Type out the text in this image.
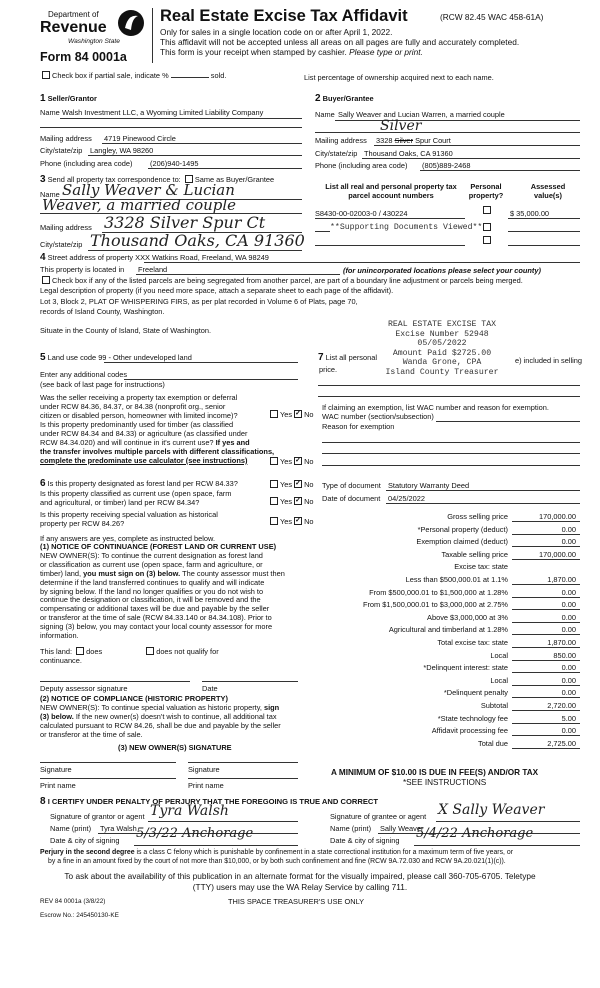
Department of
Revenue
Washington State
Form 84 0001a
Real Estate Excise Tax Affidavit	(RCW 82.45 WAC 458-61A)
Only for sales in a single location code on or after April 1, 2022.
This affidavit will not be accepted unless all areas on all pages are fully and accurately completed.
This form is your receipt when stamped by cashier. Please type or print.
Check box if partial sale, indicate %	sold.	List percentage of ownership acquired next to each name.
1 Seller/Grantor
Name Walsh Investment LLC, a Wyoming Limited Liability Company
Mailing address 4719 Pinewood Circle
City/state/zip Langley, WA 98260
Phone (including area code) (206)940-1495
2 Buyer/Grantee
Name Sally Weaver and Lucian Warren, a married couple
Silver
Mailing address 3328 Silver Spur Court
City/state/zip Thousand Oaks, CA 91360
Phone (including area code) (805)889-2468
3 Send all property tax correspondence to: Same as Buyer/Grantee
Name Sally Weaver & Lucian
Weaver, a married couple
Mailing address 3328 Silver Spur Ct
City/state/zip Thousand Oaks, CA 91360
List all real and personal property tax
parcel account numbers
Personal
property?
Assessed
value(s)
S8430-00-02003-0 / 430224	$ 35,000.00
**Supporting Documents Viewed**
4 Street address of property XXX Watkins Road, Freeland, WA 98249
This property is located in Freeland	(for unincorporated locations please select your county)
Check box if any of the listed parcels are being segregated from another parcel, are part of a boundary line adjustment or parcels being merged.
Legal description of property (if you need more space, attach a separate sheet to each page of the affidavit).
Lot 3, Block 2, PLAT OF WHISPERING FIRS, as per plat recorded in Volume 6 of Plats, page 70,
records of Island County, Washington.
Situate in the County of Island, State of Washington.
REAL ESTATE EXCISE TAX
Excise Number 52948
05/05/2022
Amount Paid $2725.00
Wanda Grone, CPA
Island County Treasurer
5 Land use code 99 - Other undeveloped land
Enter any additional codes
(see back of last page for instructions)
Was the seller receiving a property tax exemption or deferral
under RCW 84.36, 84.37, or 84.38 (nonprofit org., senior
citizen or disabled person, homeowner with limited income)?	Yes ✓ No
Is this property predominantly used for timber (as classified
under RCW 84.34 and 84.33) or agriculture (as classified under
RCW 84.34.020) and will continue in it's current use? If yes and
the transfer involves multiple parcels with different classifications,
complete the predominate use calculator (see instructions)	Yes ✓ No
7 List all personal
price.
e) included in selling
If claiming an exemption, list WAC number and reason for exemption.
WAC number (section/subsection)
Reason for exemption
6 Is this property designated as forest land per RCW 84.33?	Yes ✓ No
Is this property classified as current use (open space, farm
and agricultural, or timber) land per RCW 84.34?	Yes ✓ No
Is this property receiving special valuation as historical
property per RCW 84.26?	Yes ✓ No
Type of document Statutory Warranty Deed
Date of document 04/25/2022
If any answers are yes, complete as instructed below.
(1) NOTICE OF CONTINUANCE (FOREST LAND OR CURRENT USE)
NEW OWNER(S): To continue the current designation as forest land
or classification as current use (open space, farm and agriculture, or
timber) land, you must sign on (3) below. The county assessor must then
determine if the land transferred continues to qualify and will indicate
by signing below. If the land no longer qualifies or you do not wish to
continue the designation or classification, it will be removed and the
compensating or additional taxes will be due and payable by the seller
or transferor at the time of sale (RCW 84.33.140 or 84.34.108). Prior to
signing (3) below, you may contact your local county assessor for more
information.
This land: does	does not qualify for
continuance.
Deputy assessor signature	Date
(2) NOTICE OF COMPLIANCE (HISTORIC PROPERTY)
NEW OWNER(S): To continue special valuation as historic property, sign
(3) below. If the new owner(s) doesn't wish to continue, all additional tax
calculated pursuant to RCW 84.26, shall be due and payable by the seller
or transferor at the time of sale.
(3) NEW OWNER(S) SIGNATURE
Signature	Signature
Print name	Print name
Gross selling price	170,000.00
*Personal property (deduct)	0.00
Exemption claimed (deduct)	0.00
Taxable selling price	170,000.00
Excise tax: state
Less than $500,000.01 at 1.1%	1,870.00
From $500,000.01 to $1,500,000 at 1.28%	0.00
From $1,500,000.01 to $3,000,000 at 2.75%	0.00
Above $3,000,000 at 3%	0.00
Agricultural and timberland at 1.28%	0.00
Total excise tax: state	1,870.00
Local	850.00
*Delinquent interest: state	0.00
Local	0.00
*Delinquent penalty	0.00
Subtotal	2,720.00
*State technology fee	5.00
Affidavit processing fee	0.00
Total due	2,725.00
A MINIMUM OF $10.00 IS DUE IN FEE(S) AND/OR TAX
*SEE INSTRUCTIONS
8 I CERTIFY UNDER PENALTY OF PERJURY THAT THE FOREGOING IS TRUE AND CORRECT
Signature of grantor or agent Tyra Walsh
Name (print) Tyra Walsh
Date & city of signing 5/3/22 Anchorage
Signature of grantee or agent X Sally Weaver
Name (print) Sally Weaver
Date & city of signing 5/4/22 Anchorage
Perjury in the second degree is a class C felony which is punishable by confinement in a state correctional institution for a maximum term of five years, or
by a fine in an amount fixed by the court of not more than $10,000, or by both such confinement and fine (RCW 9A.72.030 and RCW 9A.20.021(1)(c)).
To ask about the availability of this publication in an alternate format for the visually impaired, please call 360-705-6705. Teletype
(TTY) users may use the WA Relay Service by calling 711.
REV 84 0001a (3/8/22)	THIS SPACE TREASURER'S USE ONLY
Escrow No.: 245450130-KE
